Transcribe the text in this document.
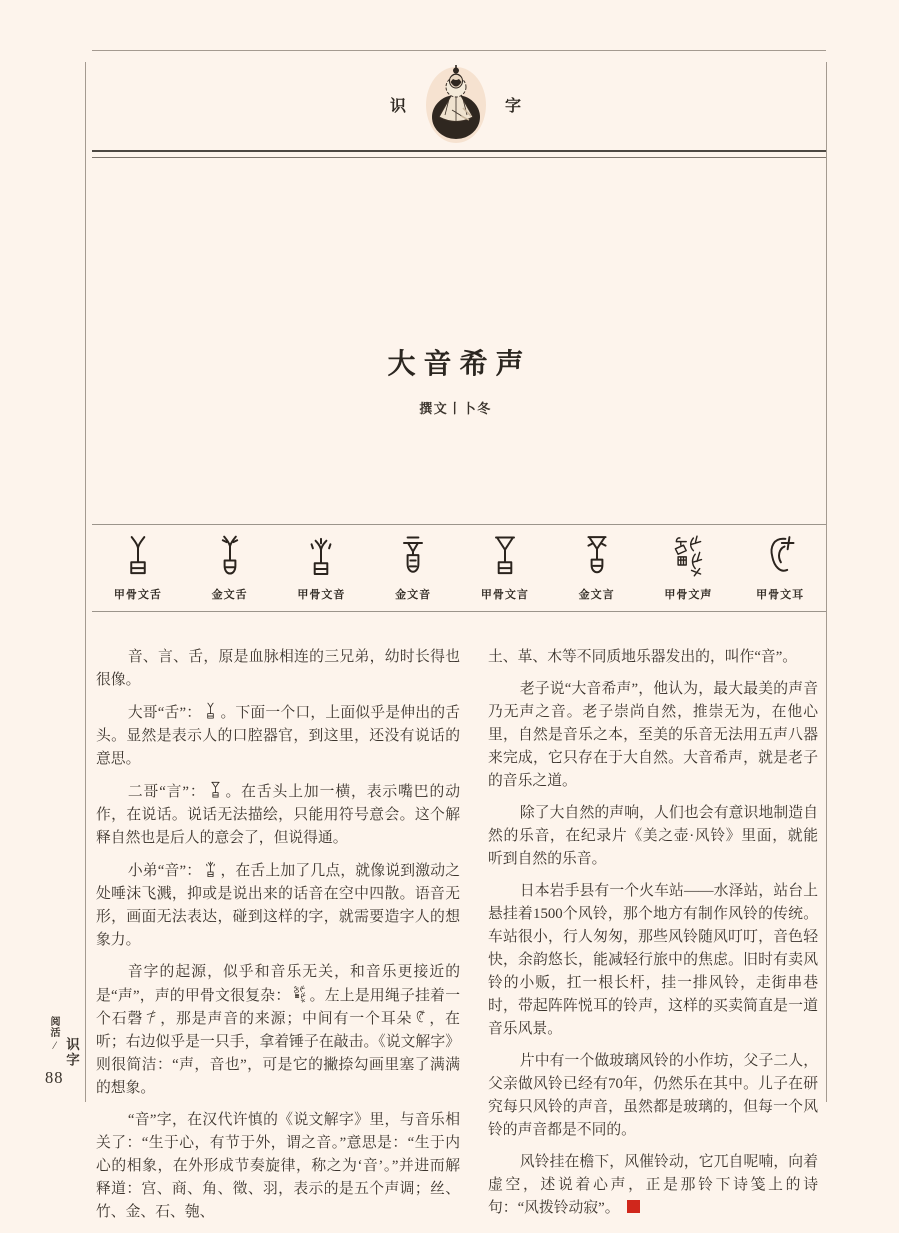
识	字
大音希声
撰文丨卜冬
甲骨文舌	金文舌	甲骨文音	金文音	甲骨文言	金文言	甲骨文声	甲骨文耳

音、言、舌，原是血脉相连的三兄弟，幼时长得也很像。

大哥“舌”： 。下面一个口，上面似乎是伸出的舌头。显然是表示人的口腔器官，到这里，还没有说话的意思。

二哥“言”： 。在舌头上加一横，表示嘴巴的动作，在说话。说话无法描绘，只能用符号意会。这个解释自然也是后人的意会了，但说得通。

小弟“音”： ，在舌上加了几点，就像说到激动之处唾沫飞溅，抑或是说出来的话音在空中四散。语音无形，画面无法表达，碰到这样的字，就需要造字人的想象力。

音字的起源，似乎和音乐无关，和音乐更接近的是“声”，声的甲骨文很复杂： 。左上是用绳子挂着一个石磬 ，那是声音的来源；中间有一个耳朵 ，在听；右边似乎是一只手，拿着锤子在敲击。《说文解字》则很简洁：“声，音也”，可是它的撇捺勾画里塞了满满的想象。

“音”字，在汉代许慎的《说文解字》里，与音乐相关了：“生于心，有节于外，谓之音。”意思是：“生于内心的相象，在外形成节奏旋律，称之为‘音’。”并进而解释道：宫、商、角、徵、羽，表示的是五个声调；丝、竹、金、石、匏、

土、革、木等不同质地乐器发出的，叫作“音”。

老子说“大音希声”，他认为，最大最美的声音乃无声之音。老子崇尚自然，推崇无为，在他心里，自然是音乐之本，至美的乐音无法用五声八器来完成，它只存在于大自然。大音希声，就是老子的音乐之道。

除了大自然的声响，人们也会有意识地制造自然的乐音，在纪录片《美之壶·风铃》里面，就能听到自然的乐音。

日本岩手县有一个火车站——水泽站，站台上悬挂着1500个风铃，那个地方有制作风铃的传统。车站很小，行人匆匆，那些风铃随风叮叮，音色轻快，余韵悠长，能减轻行旅中的焦虑。旧时有卖风铃的小贩，扛一根长杆，挂一排风铃，走街串巷时，带起阵阵悦耳的铃声，这样的买卖简直是一道音乐风景。

片中有一个做玻璃风铃的小作坊，父子二人，父亲做风铃已经有70年，仍然乐在其中。儿子在研究每只风铃的声音，虽然都是玻璃的，但每一个风铃的声音都是不同的。

风铃挂在檐下，风催铃动，它兀自呢喃，向着虚空，述说着心声，正是那铃下诗笺上的诗句：“风拨铃动寂”。

阅活
/ 识字
88
